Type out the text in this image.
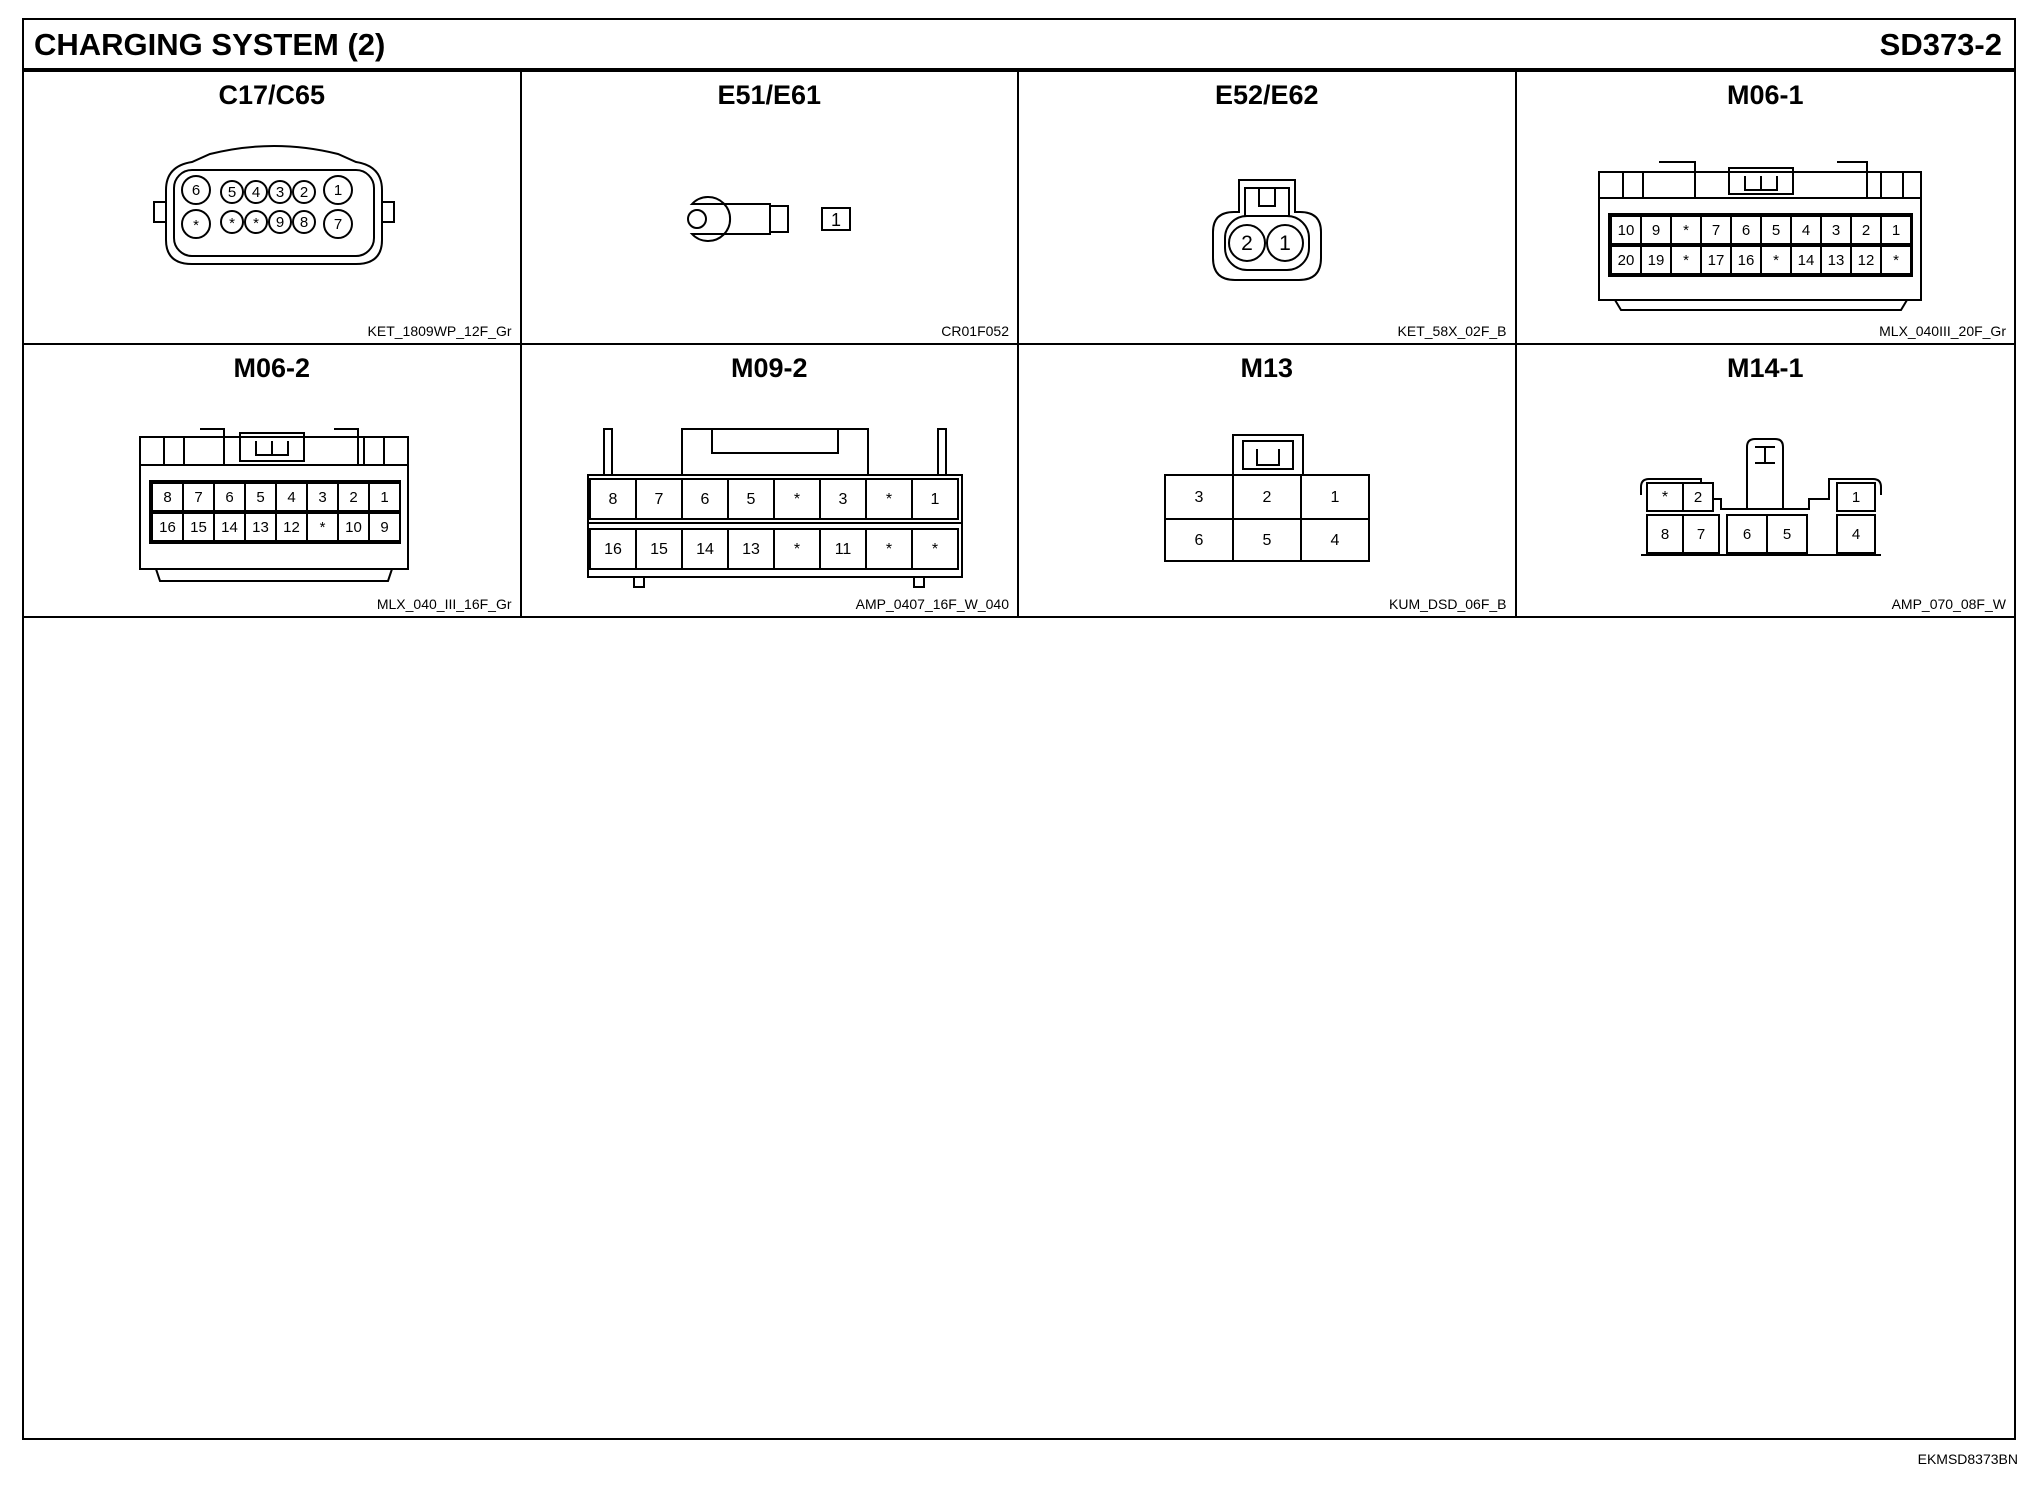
CHARGING SYSTEM (2)	SD373-2
C17/C65
6 5 4 3 2 1
* * * 9 8 7
KET_1809WP_12F_Gr
E51/E61
1
CR01F052
E52/E62
2 1
KET_58X_02F_B
M06-1
10 9 * 7 6 5 4 3 2 1
20 19 * 17 16 * 14 13 12 *
MLX_040III_20F_Gr
M06-2
8 7 6 5 4 3 2 1
16 15 14 13 12 * 10 9
MLX_040_III_16F_Gr
M09-2
8 7 6 5 * 3 * 1
16 15 14 13 * 11 * *
AMP_0407_16F_W_040
M13
3	2	1
6	5	4
KUM_DSD_06F_B
M14-1
* 2	1
8 7	6 5	4
AMP_070_08F_W
EKMSD8373BN
